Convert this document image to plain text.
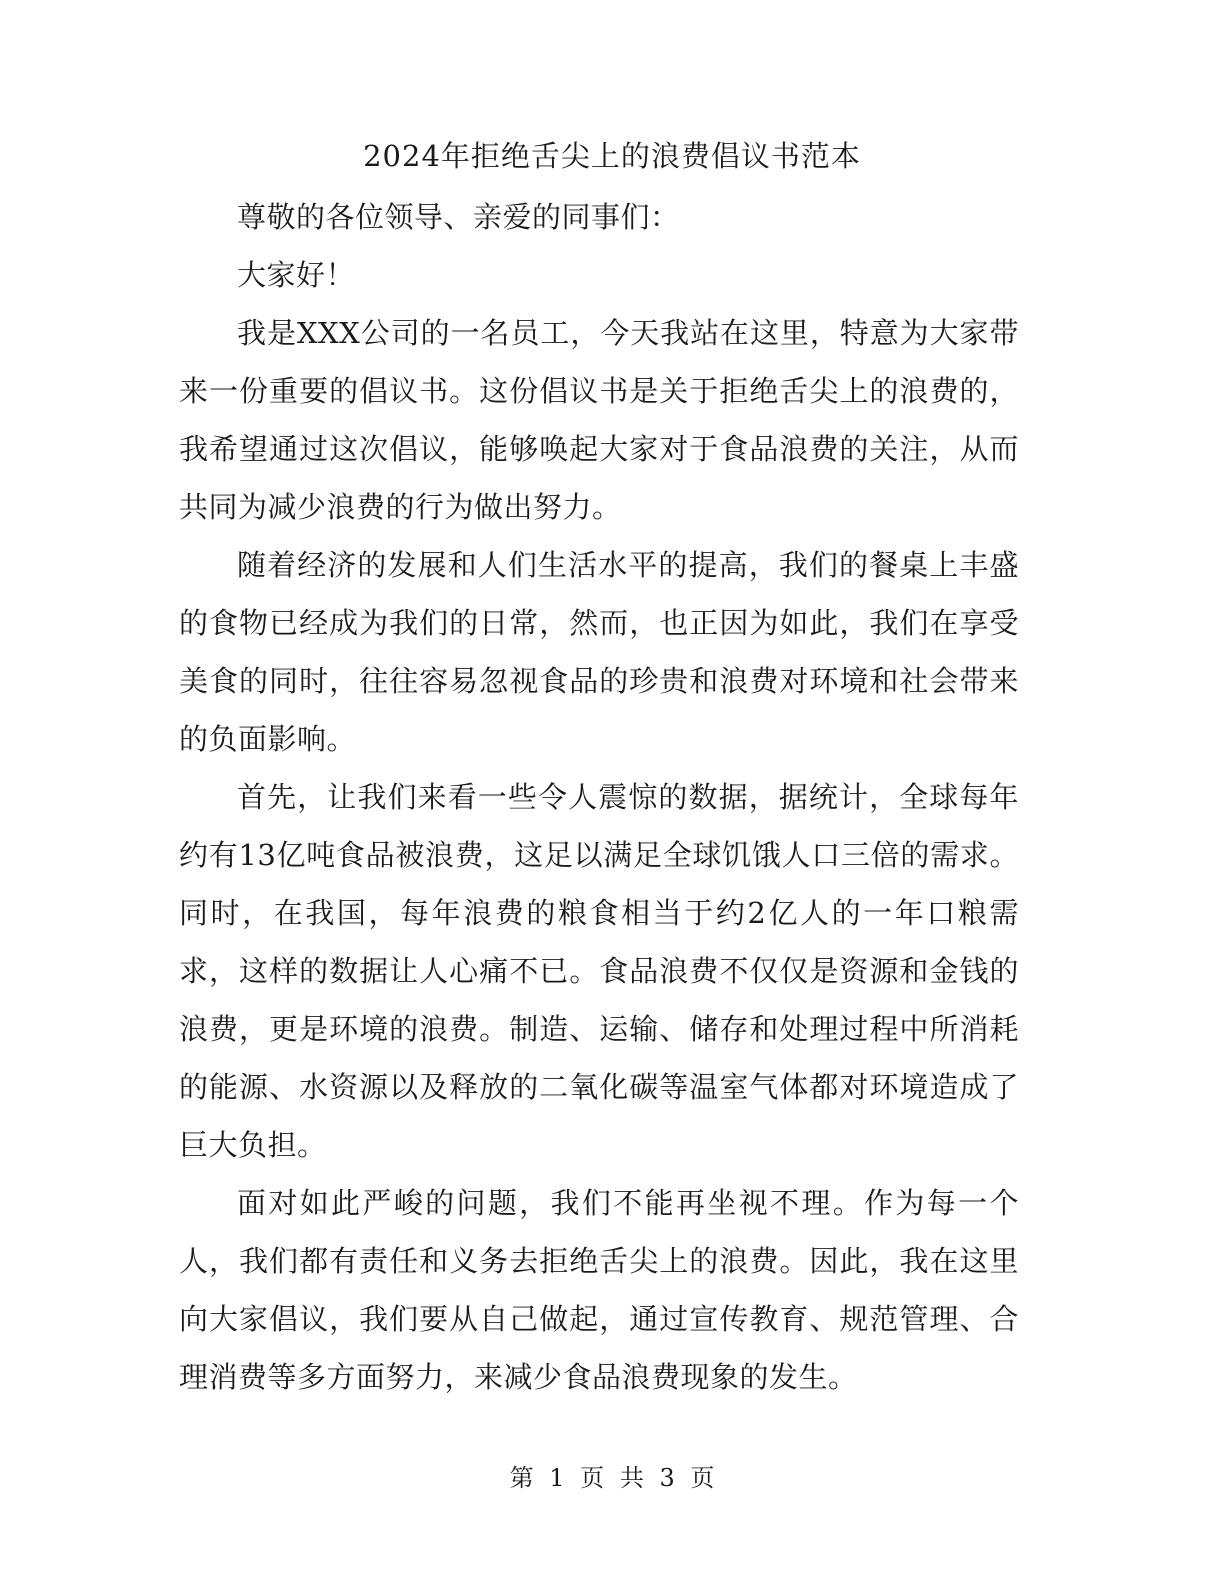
2024年拒绝舌尖上的浪费倡议书范本

尊敬的各位领导、亲爱的同事们：

大家好！

我是XXX公司的一名员工，今天我站在这里，特意为大家带来一份重要的倡议书。这份倡议书是关于拒绝舌尖上的浪费的，我希望通过这次倡议，能够唤起大家对于食品浪费的关注，从而共同为减少浪费的行为做出努力。

随着经济的发展和人们生活水平的提高，我们的餐桌上丰盛的食物已经成为我们的日常，然而，也正因为如此，我们在享受美食的同时，往往容易忽视食品的珍贵和浪费对环境和社会带来的负面影响。

首先，让我们来看一些令人震惊的数据，据统计，全球每年约有13亿吨食品被浪费，这足以满足全球饥饿人口三倍的需求。同时，在我国，每年浪费的粮食相当于约2亿人的一年口粮需求，这样的数据让人心痛不已。食品浪费不仅仅是资源和金钱的浪费，更是环境的浪费。制造、运输、储存和处理过程中所消耗的能源、水资源以及释放的二氧化碳等温室气体都对环境造成了巨大负担。

面对如此严峻的问题，我们不能再坐视不理。作为每一个人，我们都有责任和义务去拒绝舌尖上的浪费。因此，我在这里向大家倡议，我们要从自己做起，通过宣传教育、规范管理、合理消费等多方面努力，来减少食品浪费现象的发生。

第 1 页 共 3 页
